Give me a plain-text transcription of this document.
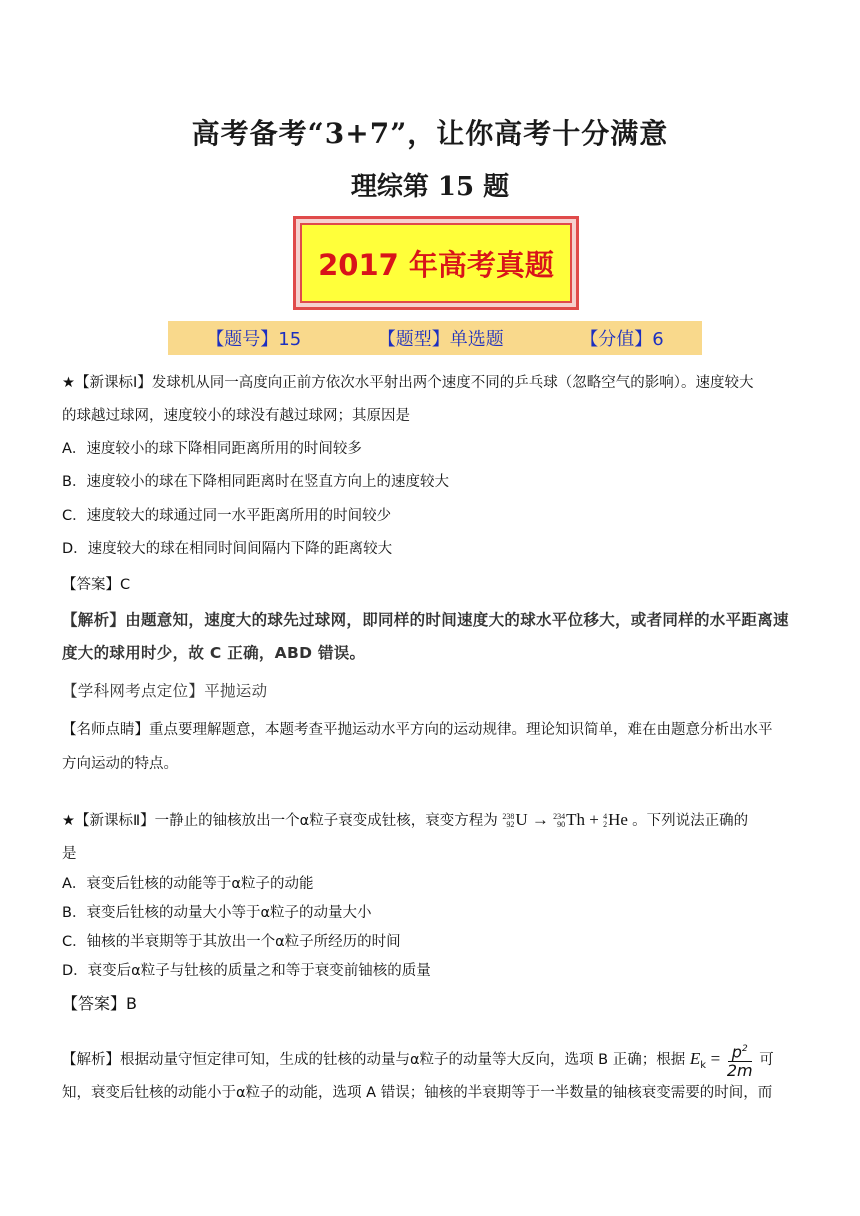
高考备考“3+7”，让你高考十分满意
理综第 15 题
2017 年高考真题
【题号】15	【题型】单选题	【分值】6
★【新课标Ⅰ】发球机从同一高度向正前方依次水平射出两个速度不同的乒乓球（忽略空气的影响）。速度较大
的球越过球网，速度较小的球没有越过球网；其原因是
A．速度较小的球下降相同距离所用的时间较多
B．速度较小的球在下降相同距离时在竖直方向上的速度较大
C．速度较大的球通过同一水平距离所用的时间较少
D．速度较大的球在相同时间间隔内下降的距离较大
【答案】C
【解析】由题意知，速度大的球先过球网，即同样的时间速度大的球水平位移大，或者同样的水平距离速
度大的球用时少，故 C 正确，ABD 错误。
【学科网考点定位】平抛运动
【名师点睛】重点要理解题意，本题考查平抛运动水平方向的运动规律。理论知识简单，难在由题意分析出水平
方向运动的特点。
★【新课标Ⅱ】一静止的铀核放出一个α粒子衰变成钍核，衰变方程为 238
92 U → 234
90 Th + 4
2 He 。下列说法正确的
是
A．衰变后钍核的动能等于α粒子的动能
B．衰变后钍核的动量大小等于α粒子的动量大小
C．铀核的半衰期等于其放出一个α粒子所经历的时间
D．衰变后α粒子与钍核的质量之和等于衰变前铀核的质量
【答案】B
【解析】根据动量守恒定律可知，生成的钍核的动量与α粒子的动量等大反向，选项 B 正确；根据 $E_k = \frac{p^2}{2m}$ 可
知，衰变后钍核的动能小于α粒子的动能，选项 A 错误；铀核的半衰期等于一半数量的铀核衰变需要的时间，而
